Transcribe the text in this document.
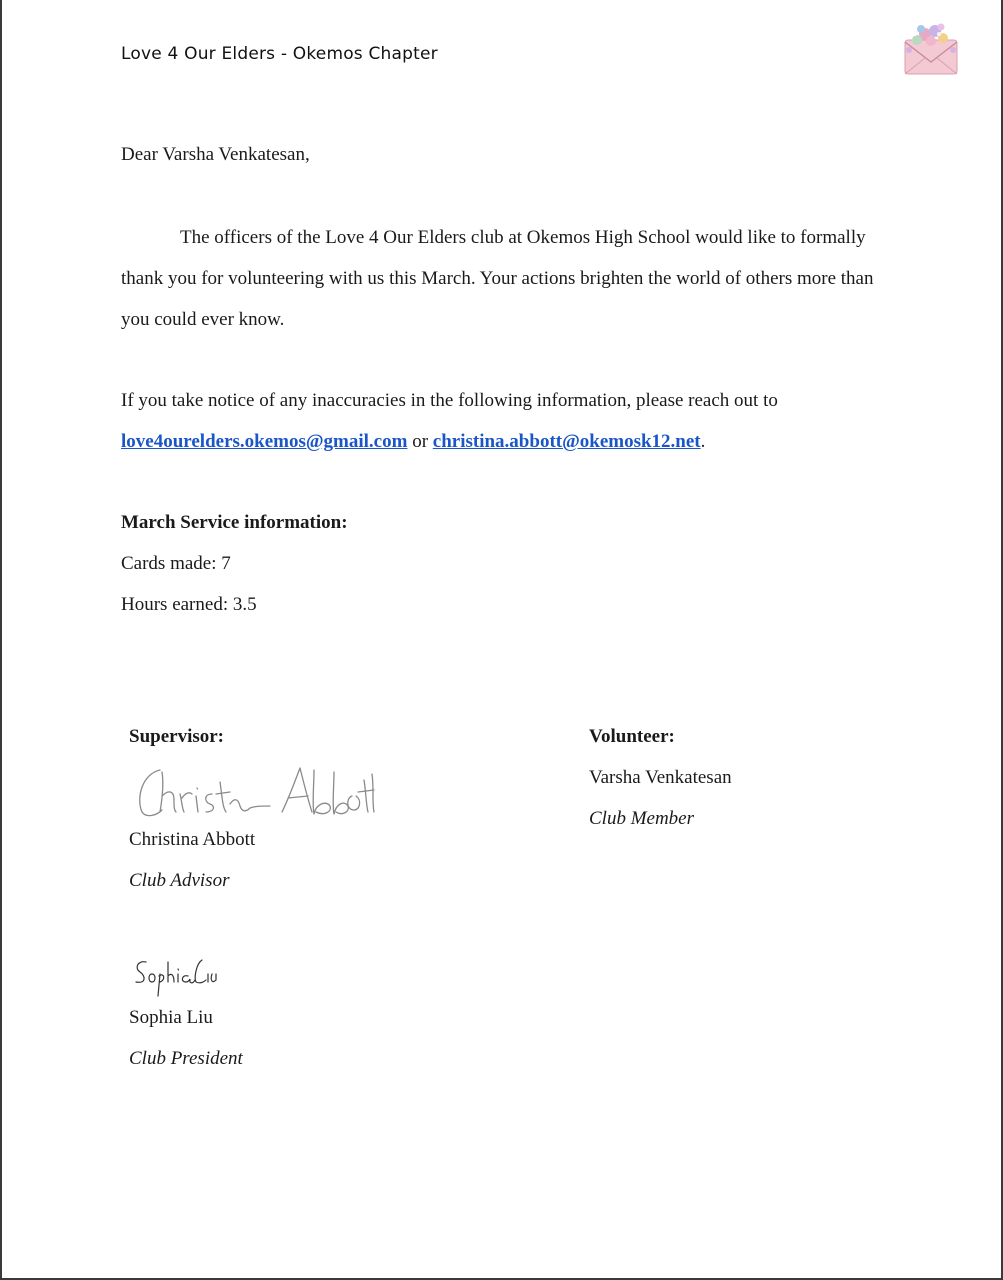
Love 4 Our Elders - Okemos Chapter
Dear Varsha Venkatesan,
The officers of the Love 4 Our Elders club at Okemos High School would like to formally thank you for volunteering with us this March. Your actions brighten the world of others more than you could ever know.
If you take notice of any inaccuracies in the following information, please reach out to
love4ourelders.okemos@gmail.com or christina.abbott@okemosk12.net.
March Service information:
Cards made: 7
Hours earned: 3.5
Supervisor:	Volunteer:
Varsha Venkatesan
Club Member
Christina Abbott
Club Advisor
Sophia Liu
Club President
